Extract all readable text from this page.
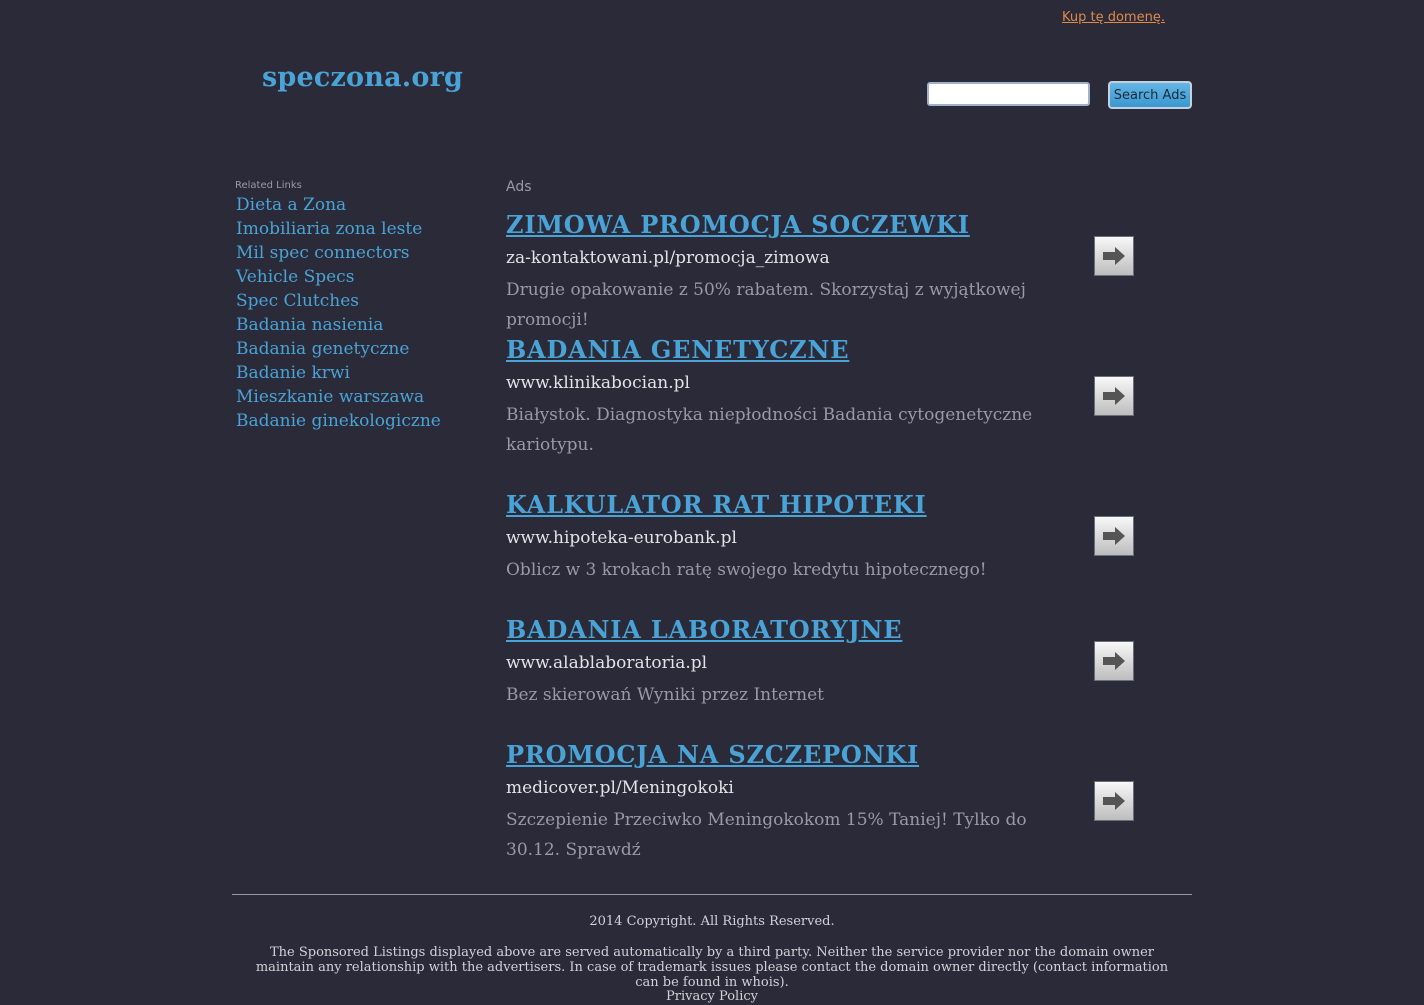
Kup tę domenę.
speczona.org
Search Ads
Related Links
Dieta a Zona
Imobiliaria zona leste
Mil spec connectors
Vehicle Specs
Spec Clutches
Badania nasienia
Badania genetyczne
Badanie krwi
Mieszkanie warszawa
Badanie ginekologiczne
Ads
ZIMOWA PROMOCJA SOCZEWKI
za-kontaktowani.pl/promocja_zimowa
Drugie opakowanie z 50% rabatem. Skorzystaj z wyjątkowej promocji!
BADANIA GENETYCZNE
www.klinikabocian.pl
Białystok. Diagnostyka niepłodności Badania cytogenetyczne kariotypu.
KALKULATOR RAT HIPOTEKI
www.hipoteka-eurobank.pl
Oblicz w 3 krokach ratę swojego kredytu hipotecznego!
BADANIA LABORATORYJNE
www.alablaboratoria.pl
Bez skierowań Wyniki przez Internet
PROMOCJA NA SZCZEPONKI
medicover.pl/Meningokoki
Szczepienie Przeciwko Meningokokom 15% Taniej! Tylko do 30.12. Sprawdź
2014 Copyright. All Rights Reserved.
The Sponsored Listings displayed above are served automatically by a third party. Neither the service provider nor the domain owner maintain any relationship with the advertisers. In case of trademark issues please contact the domain owner directly (contact information can be found in whois).
Privacy Policy
